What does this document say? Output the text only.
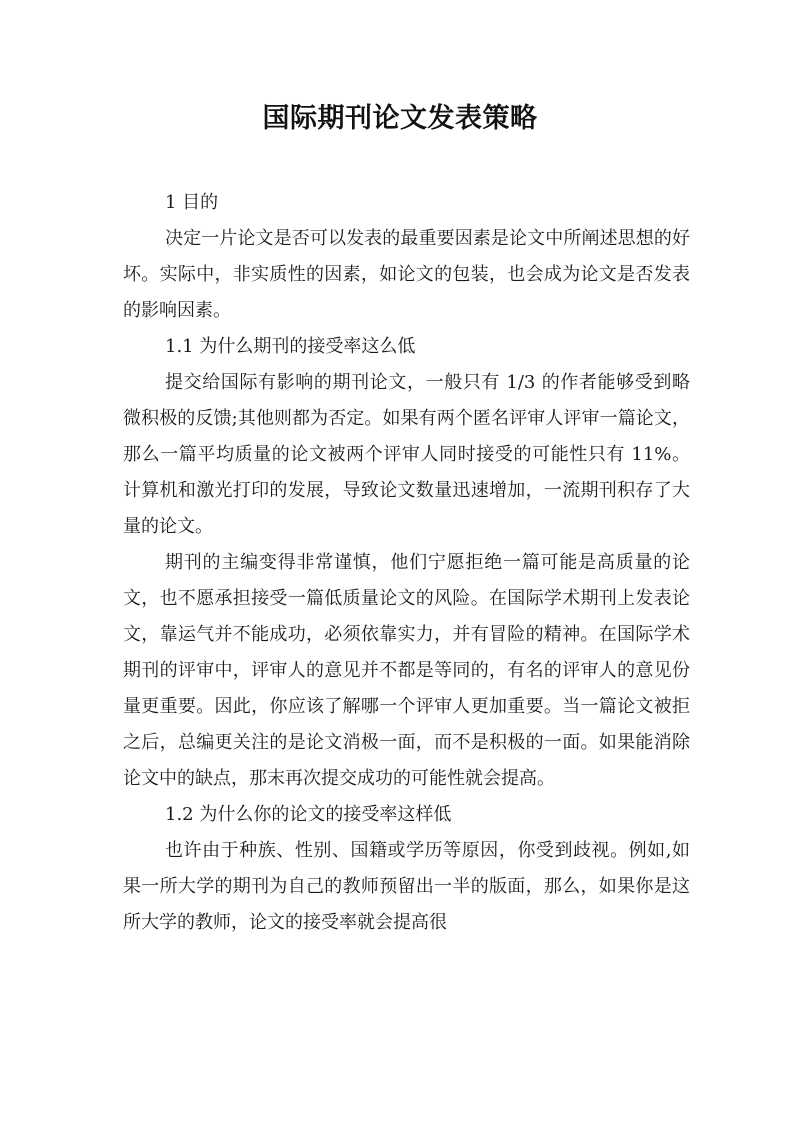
国际期刊论文发表策略

1 目的

决定一片论文是否可以发表的最重要因素是论文中所阐述思想的好坏。实际中，非实质性的因素，如论文的包装，也会成为论文是否发表的影响因素。

1.1 为什么期刊的接受率这么低

提交给国际有影响的期刊论文，一般只有 1/3 的作者能够受到略微积极的反馈;其他则都为否定。如果有两个匿名评审人评审一篇论文，那么一篇平均质量的论文被两个评审人同时接受的可能性只有 11%。计算机和激光打印的发展，导致论文数量迅速增加，一流期刊积存了大量的论文。

期刊的主编变得非常谨慎，他们宁愿拒绝一篇可能是高质量的论文，也不愿承担接受一篇低质量论文的风险。在国际学术期刊上发表论文，靠运气并不能成功，必须依靠实力，并有冒险的精神。在国际学术期刊的评审中，评审人的意见并不都是等同的，有名的评审人的意见份量更重要。因此，你应该了解哪一个评审人更加重要。当一篇论文被拒之后，总编更关注的是论文消极一面，而不是积极的一面。如果能消除论文中的缺点，那末再次提交成功的可能性就会提高。

1.2 为什么你的论文的接受率这样低

也许由于种族、性别、国籍或学历等原因，你受到歧视。例如,如果一所大学的期刊为自己的教师预留出一半的版面，那么，如果你是这所大学的教师，论文的接受率就会提高很
